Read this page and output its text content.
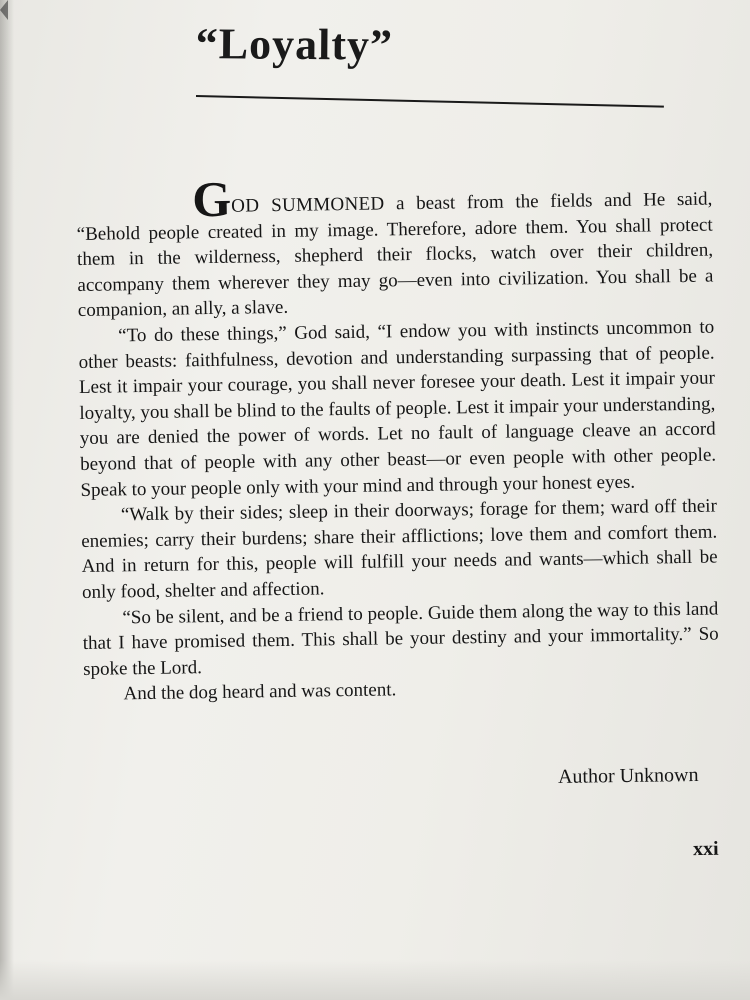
“Loyalty”

GOD SUMMONED a beast from the fields and He said, “Behold people created in my image. Therefore, adore them. You shall protect them in the wilderness, shepherd their flocks, watch over their children, accompany them wherever they may go—even into civilization. You shall be a companion, an ally, a slave.

“To do these things,” God said, “I endow you with instincts uncommon to other beasts: faithfulness, devotion and understanding surpassing that of people. Lest it impair your courage, you shall never foresee your death. Lest it impair your loyalty, you shall be blind to the faults of people. Lest it impair your understanding, you are denied the power of words. Let no fault of language cleave an accord beyond that of people with any other beast—or even people with other people. Speak to your people only with your mind and through your honest eyes.

“Walk by their sides; sleep in their doorways; forage for them; ward off their enemies; carry their burdens; share their afflictions; love them and comfort them. And in return for this, people will fulfill your needs and wants—which shall be only food, shelter and affection.

“So be silent, and be a friend to people. Guide them along the way to this land that I have promised them. This shall be your destiny and your immortality.” So spoke the Lord.

And the dog heard and was content.

Author Unknown
xxi
